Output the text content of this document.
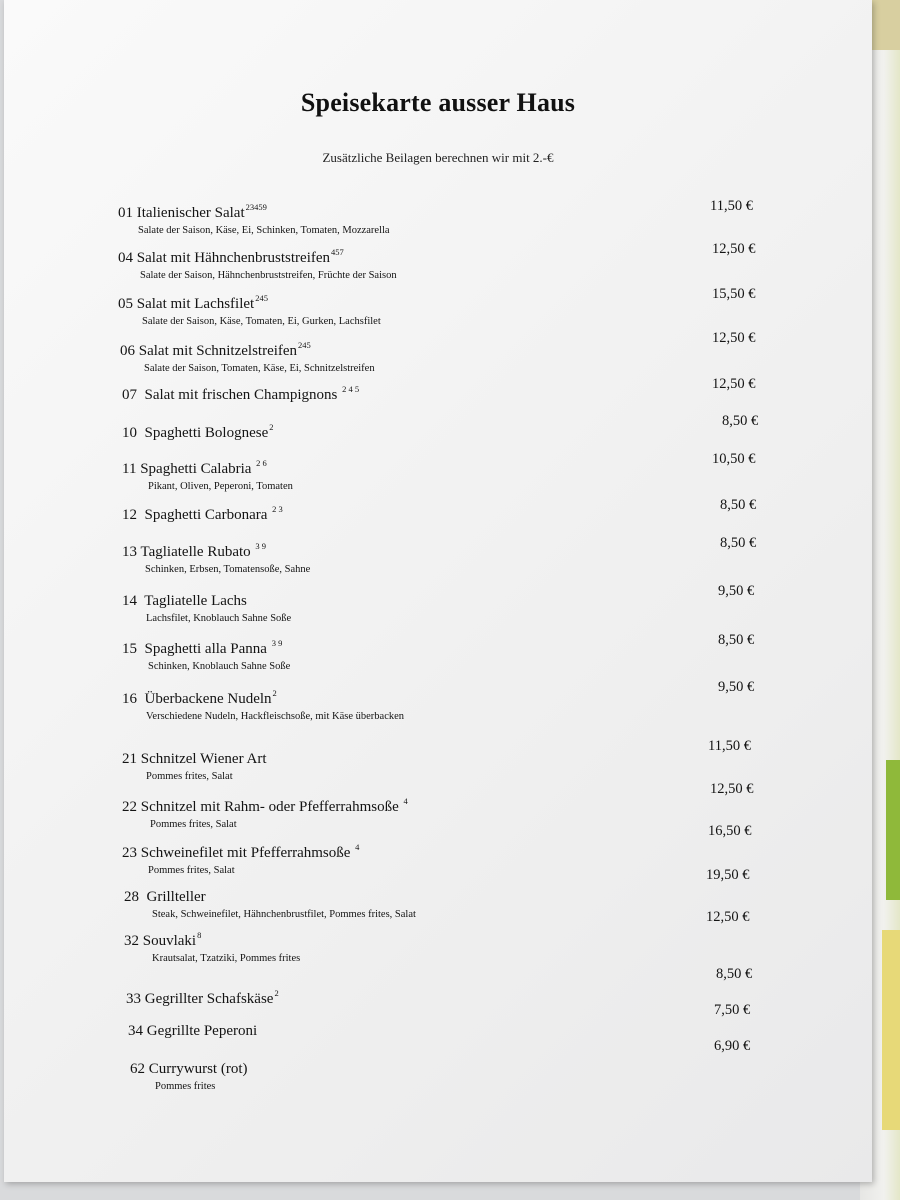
Speisekarte ausser Haus
Zusätzliche Beilagen berechnen wir mit 2.-€
01 Italienischer Salat$^{23459}$
Salate der Saison, Käse, Ei, Schinken, Tomaten, Mozzarella
04 Salat mit Hähnchenbruststreifen$^{457}$
Salate der Saison, Hähnchenbruststreifen, Früchte der Saison
05 Salat mit Lachsfilet$^{245}$
Salate der Saison, Käse, Tomaten, Ei, Gurken, Lachsfilet
06 Salat mit Schnitzelstreifen$^{245}$
Salate der Saison, Tomaten, Käse, Ei, Schnitzelstreifen
07 Salat mit frischen Champignons $^{2 4 5}$
10 Spaghetti Bolognese$^2$
11 Spaghetti Calabria $^{2 6}$
Pikant, Oliven, Peperoni, Tomaten
12 Spaghetti Carbonara $^{2 3}$
13 Tagliatelle Rubato $^{3 9}$
Schinken, Erbsen, Tomatensoße, Sahne
14 Tagliatelle Lachs
Lachsfilet, Knoblauch Sahne Soße
15 Spaghetti alla Panna $^{3 9}$
Schinken, Knoblauch Sahne Soße
16 Überbackene Nudeln$^2$
Verschiedene Nudeln, Hackfleischsoße, mit Käse überbacken
21 Schnitzel Wiener Art
Pommes frites, Salat
22 Schnitzel mit Rahm- oder Pfefferrahmsoße $^4$
Pommes frites, Salat
23 Schweinefilet mit Pfefferrahmsoße $^4$
Pommes frites, Salat
28 Grillteller
Steak, Schweinefilet, Hähnchenbrustfilet, Pommes frites, Salat
32 Souvlaki$^8$
Krautsalat, Tzatziki, Pommes frites
33 Gegrillter Schafskäse$^2$
34 Gegrillte Peperoni
62 Currywurst (rot)
Pommes frites
11,50 €
12,50 €
15,50 €
12,50 €
12,50 €
8,50 €
10,50 €
8,50 €
8,50 €
9,50 €
8,50 €
9,50 €
11,50 €
12,50 €
16,50 €
19,50 €
12,50 €
8,50 €
7,50 €
6,90 €
